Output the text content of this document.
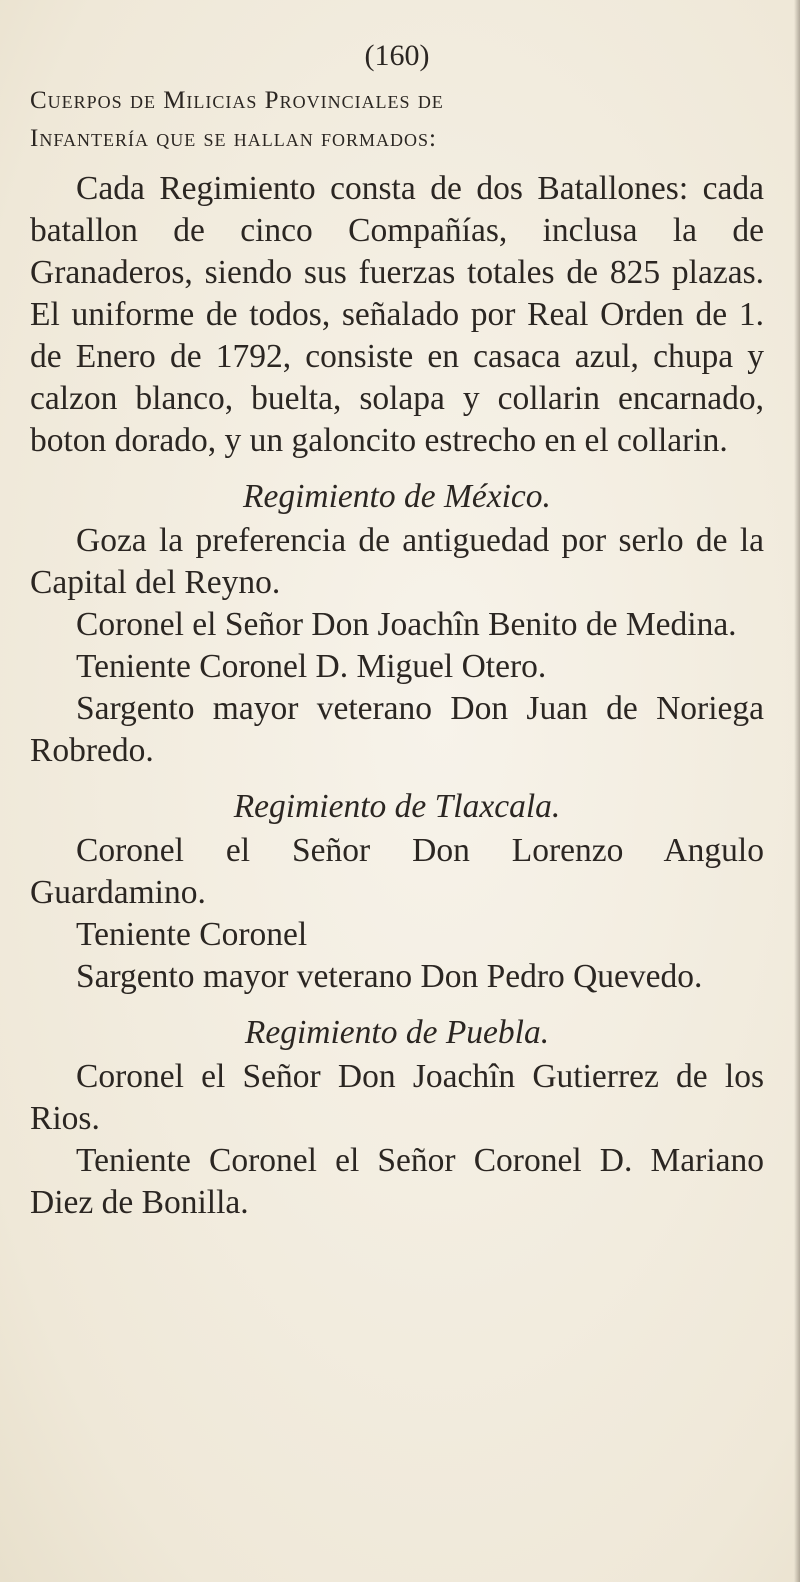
(160)
Cuerpos de Milicias Provinciales de
Infantería que se hallan formados:

Cada Regimiento consta de dos Batallones: cada batallon de cinco Compañías, inclusa la de Granaderos, siendo sus fuerzas totales de 825 plazas. El uniforme de todos, señalado por Real Orden de 1. de Enero de 1792, consiste en casaca azul, chupa y calzon blanco, buelta, solapa y collarin encarnado, boton dorado, y un galoncito estrecho en el collarin.

Regimiento de México.

Goza la preferencia de antiguedad por serlo de la Capital del Reyno.

Coronel el Señor Don Joachîn Benito de Medina.

Teniente Coronel D. Miguel Otero.

Sargento mayor veterano Don Juan de Noriega Robredo.

Regimiento de Tlaxcala.

Coronel el Señor Don Lorenzo Angulo Guardamino.

Teniente Coronel

Sargento mayor veterano Don Pedro Quevedo.

Regimiento de Puebla.

Coronel el Señor Don Joachîn Gutierrez de los Rios.

Teniente Coronel el Señor Coronel D. Mariano Diez de Bonilla.
